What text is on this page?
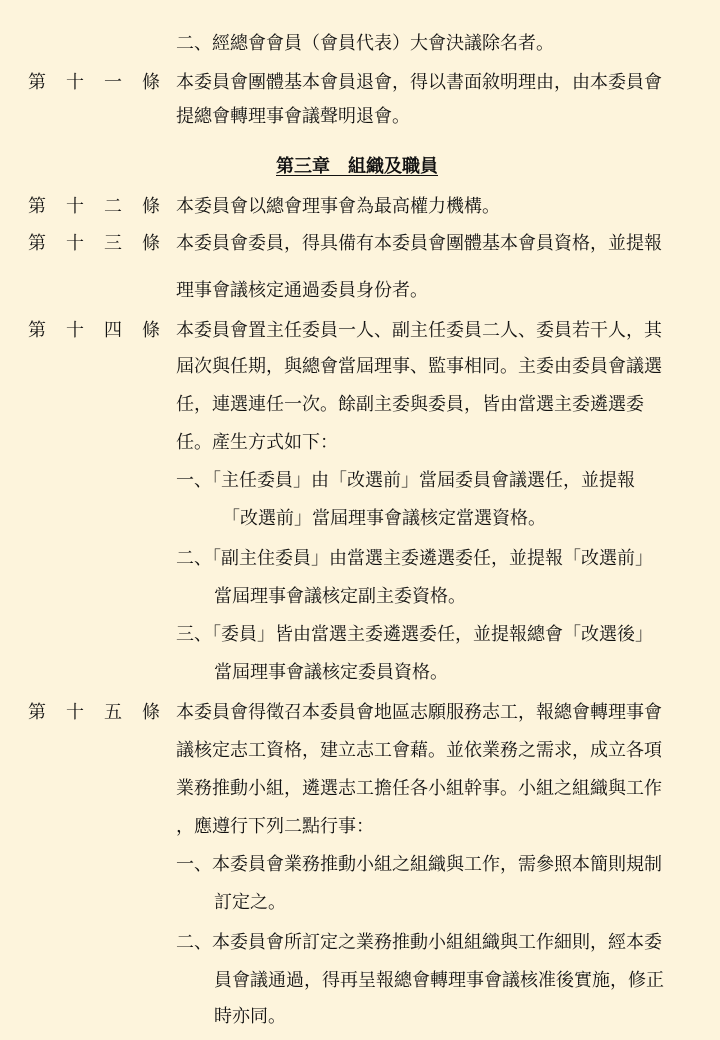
二、經總會會員（會員代表）大會決議除名者。
第 十 一 條 本委員會團體基本會員退會，得以書面敘明理由，由本委員會
提總會轉理事會議聲明退會。
第三章　組織及職員
第 十 二 條 本委員會以總會理事會為最高權力機構。
第 十 三 條 本委員會委員，得具備有本委員會團體基本會員資格，並提報
理事會議核定通過委員身份者。
第 十 四 條 本委員會置主任委員一人、副主任委員二人、委員若干人，其
屆次與任期，與總會當屆理事、監事相同。主委由委員會議選
任，連選連任一次。餘副主委與委員，皆由當選主委遴選委
任。產生方式如下：
一、「主任委員」由「改選前」當屆委員會議選任，並提報
「改選前」當屆理事會議核定當選資格。
二、「副主住委員」由當選主委遴選委任，並提報「改選前」
當屆理事會議核定副主委資格。
三、「委員」皆由當選主委遴選委任，並提報總會「改選後」
當屆理事會議核定委員資格。
第 十 五 條 本委員會得徵召本委員會地區志願服務志工，報總會轉理事會
議核定志工資格，建立志工會藉。並依業務之需求，成立各項
業務推動小組，遴選志工擔任各小組幹事。小組之組織與工作
，應遵行下列二點行事：
一、本委員會業務推動小組之組織與工作，需參照本簡則規制
訂定之。
二、本委員會所訂定之業務推動小組組織與工作細則，經本委
員會議通過，得再呈報總會轉理事會議核准後實施，修正
時亦同。
